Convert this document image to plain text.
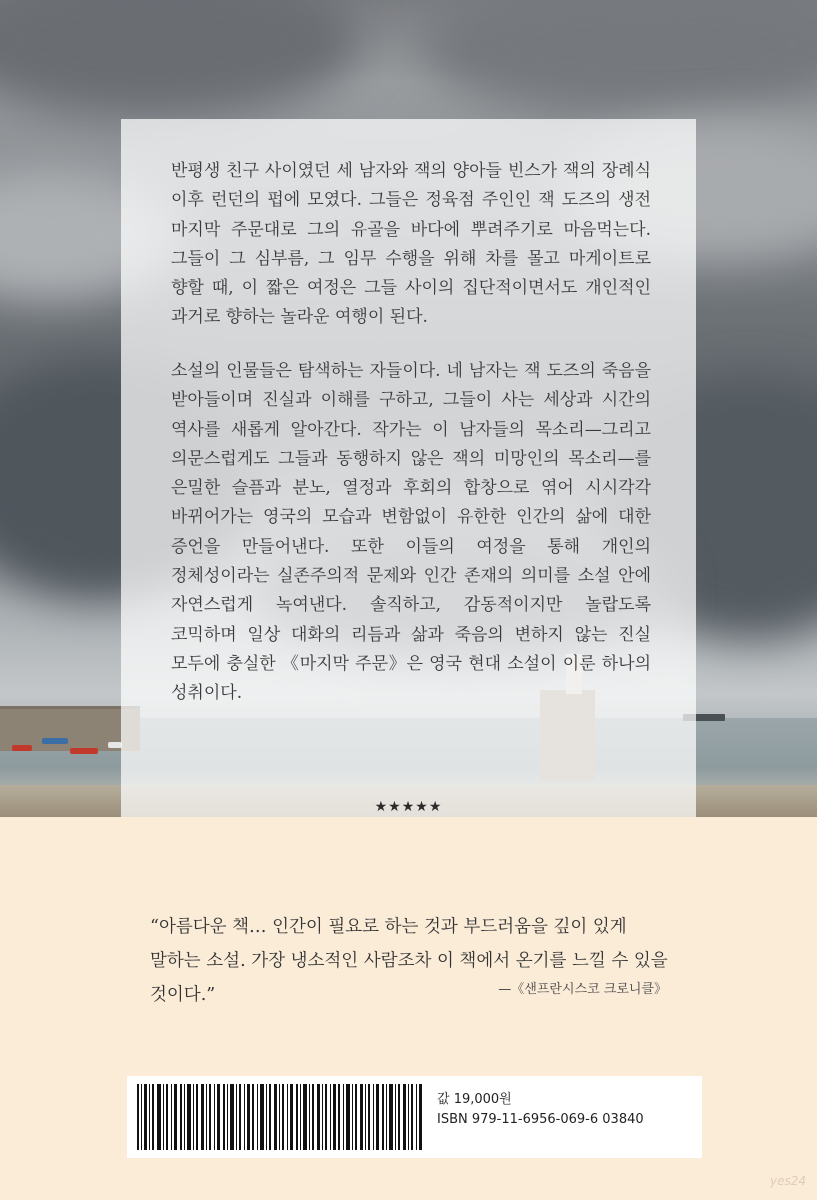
반평생 친구 사이였던 세 남자와 잭의 양아들 빈스가 잭의 장례식 이후 런던의 펍에 모였다. 그들은 정육점 주인인 잭 도즈의 생전 마지막 주문대로 그의 유골을 바다에 뿌려주기로 마음먹는다. 그들이 그 심부름, 그 임무 수행을 위해 차를 몰고 마게이트로 향할 때, 이 짧은 여정은 그들 사이의 집단적이면서도 개인적인 과거로 향하는 놀라운 여행이 된다.

소설의 인물들은 탐색하는 자들이다. 네 남자는 잭 도즈의 죽음을 받아들이며 진실과 이해를 구하고, 그들이 사는 세상과 시간의 역사를 새롭게 알아간다. 작가는 이 남자들의 목소리—그리고 의문스럽게도 그들과 동행하지 않은 잭의 미망인의 목소리—를 은밀한 슬픔과 분노, 열정과 후회의 합창으로 엮어 시시각각 바뀌어가는 영국의 모습과 변함없이 유한한 인간의 삶에 대한 증언을 만들어낸다. 또한 이들의 여정을 통해 개인의 정체성이라는 실존주의적 문제와 인간 존재의 의미를 소설 안에 자연스럽게 녹여낸다. 솔직하고, 감동적이지만 놀랍도록 코믹하며 일상 대화의 리듬과 삶과 죽음의 변하지 않는 진실 모두에 충실한 《마지막 주문》은 영국 현대 소설이 이룬 하나의 성취이다.

★★★★★

“아름다운 책… 인간이 필요로 하는 것과 부드러움을 깊이 있게 말하는 소설. 가장 냉소적인 사람조차 이 책에서 온기를 느낄 수 있을 것이다.”	—《샌프란시스코 크로니클》
값 19,000원
ISBN 979-11-6956-069-6 03840
yes24
